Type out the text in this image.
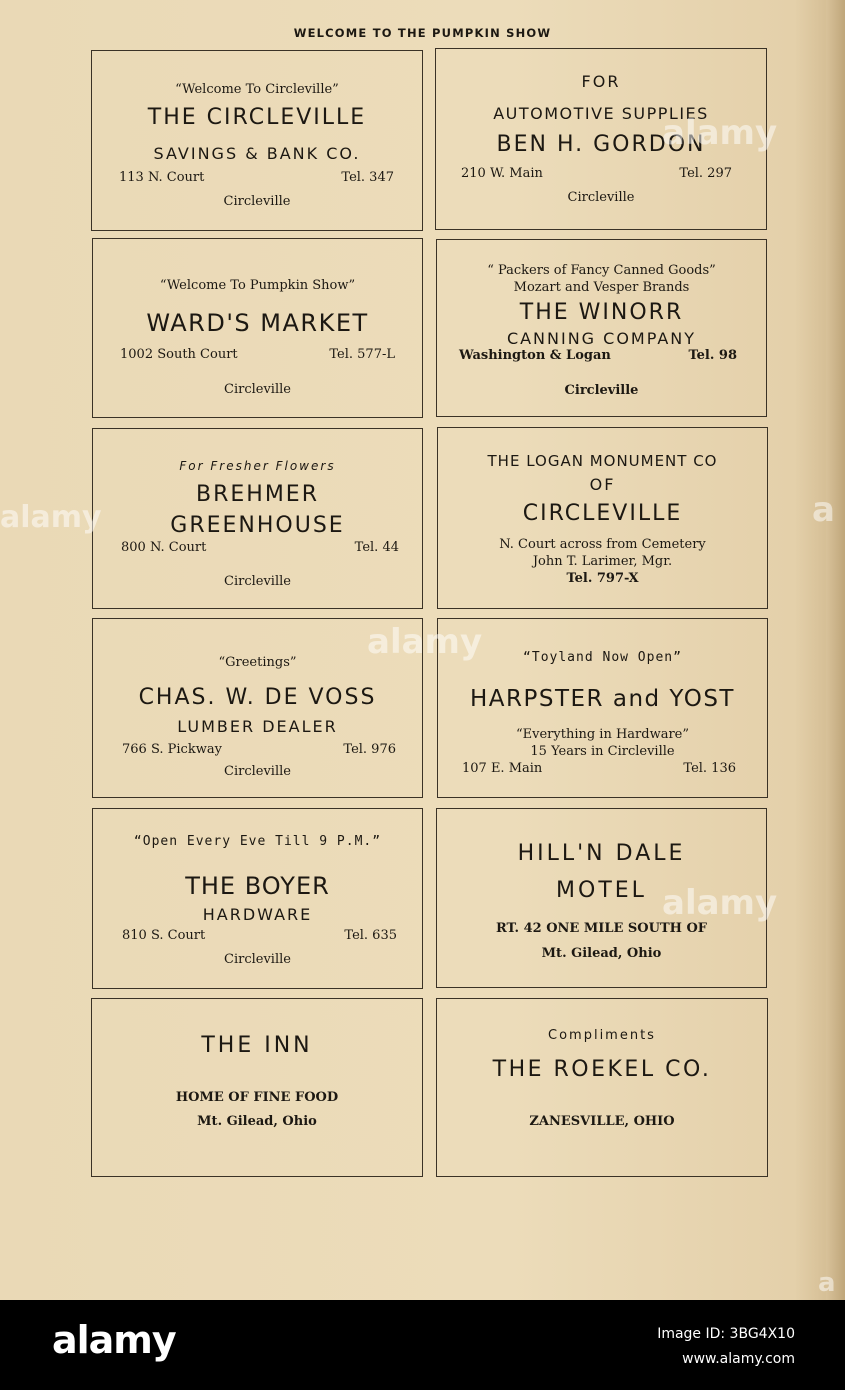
WELCOME TO THE PUMPKIN SHOW
“Welcome To Circleville”
THE CIRCLEVILLE
SAVINGS & BANK CO.
113 N. Court	Tel. 347
Circleville
FOR
AUTOMOTIVE SUPPLIES
BEN H. GORDON
210 W. Main	Tel. 297
Circleville
“Welcome To Pumpkin Show”
WARD'S MARKET
1002 South Court	Tel. 577-L
Circleville
“ Packers of Fancy Canned Goods”
Mozart and Vesper Brands
THE WINORR
CANNING COMPANY
Washington & Logan	Tel. 98
Circleville
For Fresher Flowers
BREHMER
GREENHOUSE
800 N. Court	Tel. 44
Circleville
THE LOGAN MONUMENT CO
OF
CIRCLEVILLE
N. Court across from Cemetery
John T. Larimer, Mgr.
Tel. 797-X
“Greetings”
CHAS. W. DE VOSS
LUMBER DEALER
766 S. Pickway	Tel. 976
Circleville
“Toyland Now Open”
HARPSTER and YOST
“Everything in Hardware”
15 Years in Circleville
107 E. Main	Tel. 136
“Open Every Eve Till 9 P.M.”
THE BOYER
HARDWARE
810 S. Court	Tel. 635
Circleville
HILL'N DALE
MOTEL
RT. 42 ONE MILE SOUTH OF
Mt. Gilead, Ohio
THE INN
HOME OF FINE FOOD
Mt. Gilead, Ohio
Compliments
THE ROEKEL CO.
ZANESVILLE, OHIO
alamy
alamy
alamy
alamy	a
a
alamy	Image ID: 3BG4X10
www.alamy.com
